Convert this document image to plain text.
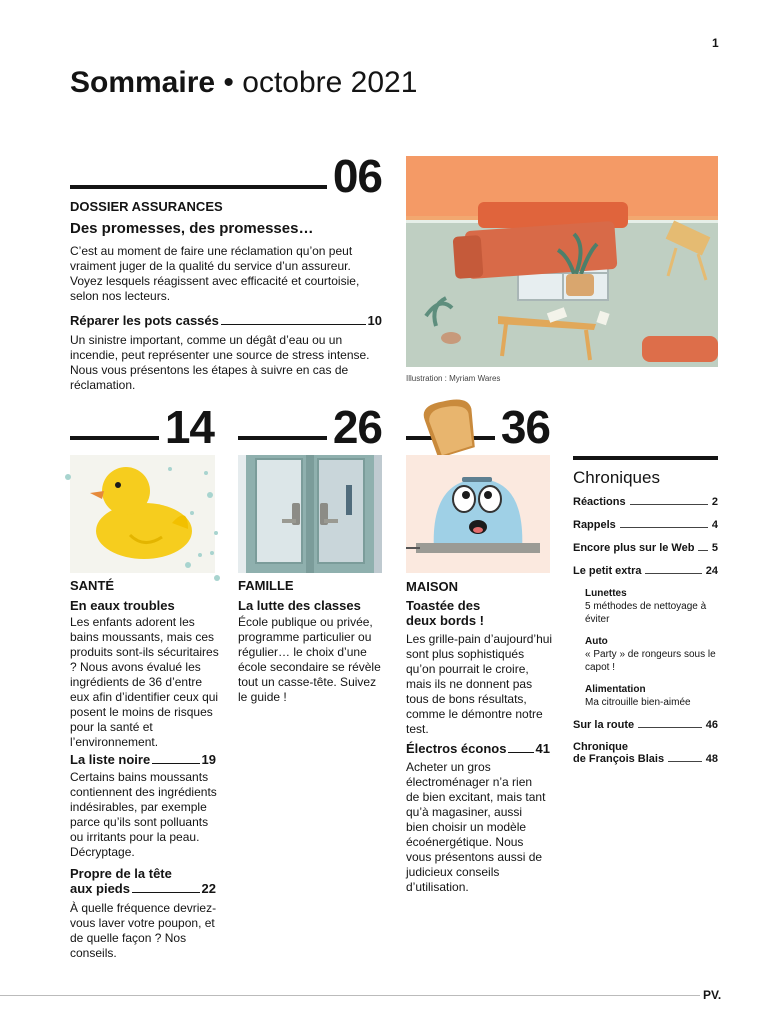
1
Sommaire • octobre 2021
06
DOSSIER ASSURANCES
Des promesses, des promesses…
C’est au moment de faire une réclamation qu’on peut vraiment juger de la qualité du service d’un assureur. Voyez lesquels réagissent avec efficacité et courtoisie, selon nos lecteurs.
Réparer les pots cassés	10
Un sinistre important, comme un dégât d’eau ou un incendie, peut représenter une source de stress intense. Nous vous présentons les étapes à suivre en cas de réclamation.	Illustration : Myriam Wares
14
SANTÉ
En eaux troubles
Les enfants adorent les bains moussants, mais ces produits sont-ils sécuritaires ? Nous avons évalué les ingrédients de 36 d’entre eux afin d’identifier ceux qui posent le moins de risques pour la santé et l’environnement.
La liste noire	19
Certains bains moussants contiennent des ingrédients indésirables, par exemple parce qu’ils sont polluants ou irritants pour la peau. Décryptage.
Propre de la tête
aux pieds	22
À quelle fréquence devriez-vous laver votre poupon, et de quelle façon ? Nos conseils.
26
FAMILLE
La lutte des classes
École publique ou privée, programme particulier ou régulier… le choix d’une école secondaire se révèle tout un casse-tête. Suivez le guide !
36
MAISON
Toastée des
deux bords !
Les grille-pain d’aujourd’hui sont plus sophistiqués qu’on pourrait le croire, mais ils ne donnent pas tous de bons résultats, comme le démontre notre test.
Électros éconos 41
Acheter un gros électroménager n’a rien de bien excitant, mais tant qu’à magasiner, aussi bien choisir un modèle écoénergétique. Nous vous présentons aussi de judicieux conseils d’utilisation.
Chroniques
Réactions	2
Rappels	4
Encore plus sur le Web 5
Le petit extra	24
Lunettes
5 méthodes de nettoyage à éviter
Auto
« Party » de rongeurs sous le capot !
Alimentation
Ma citrouille bien-aimée
Sur la route	46
Chronique
de François Blais	48
PV.
